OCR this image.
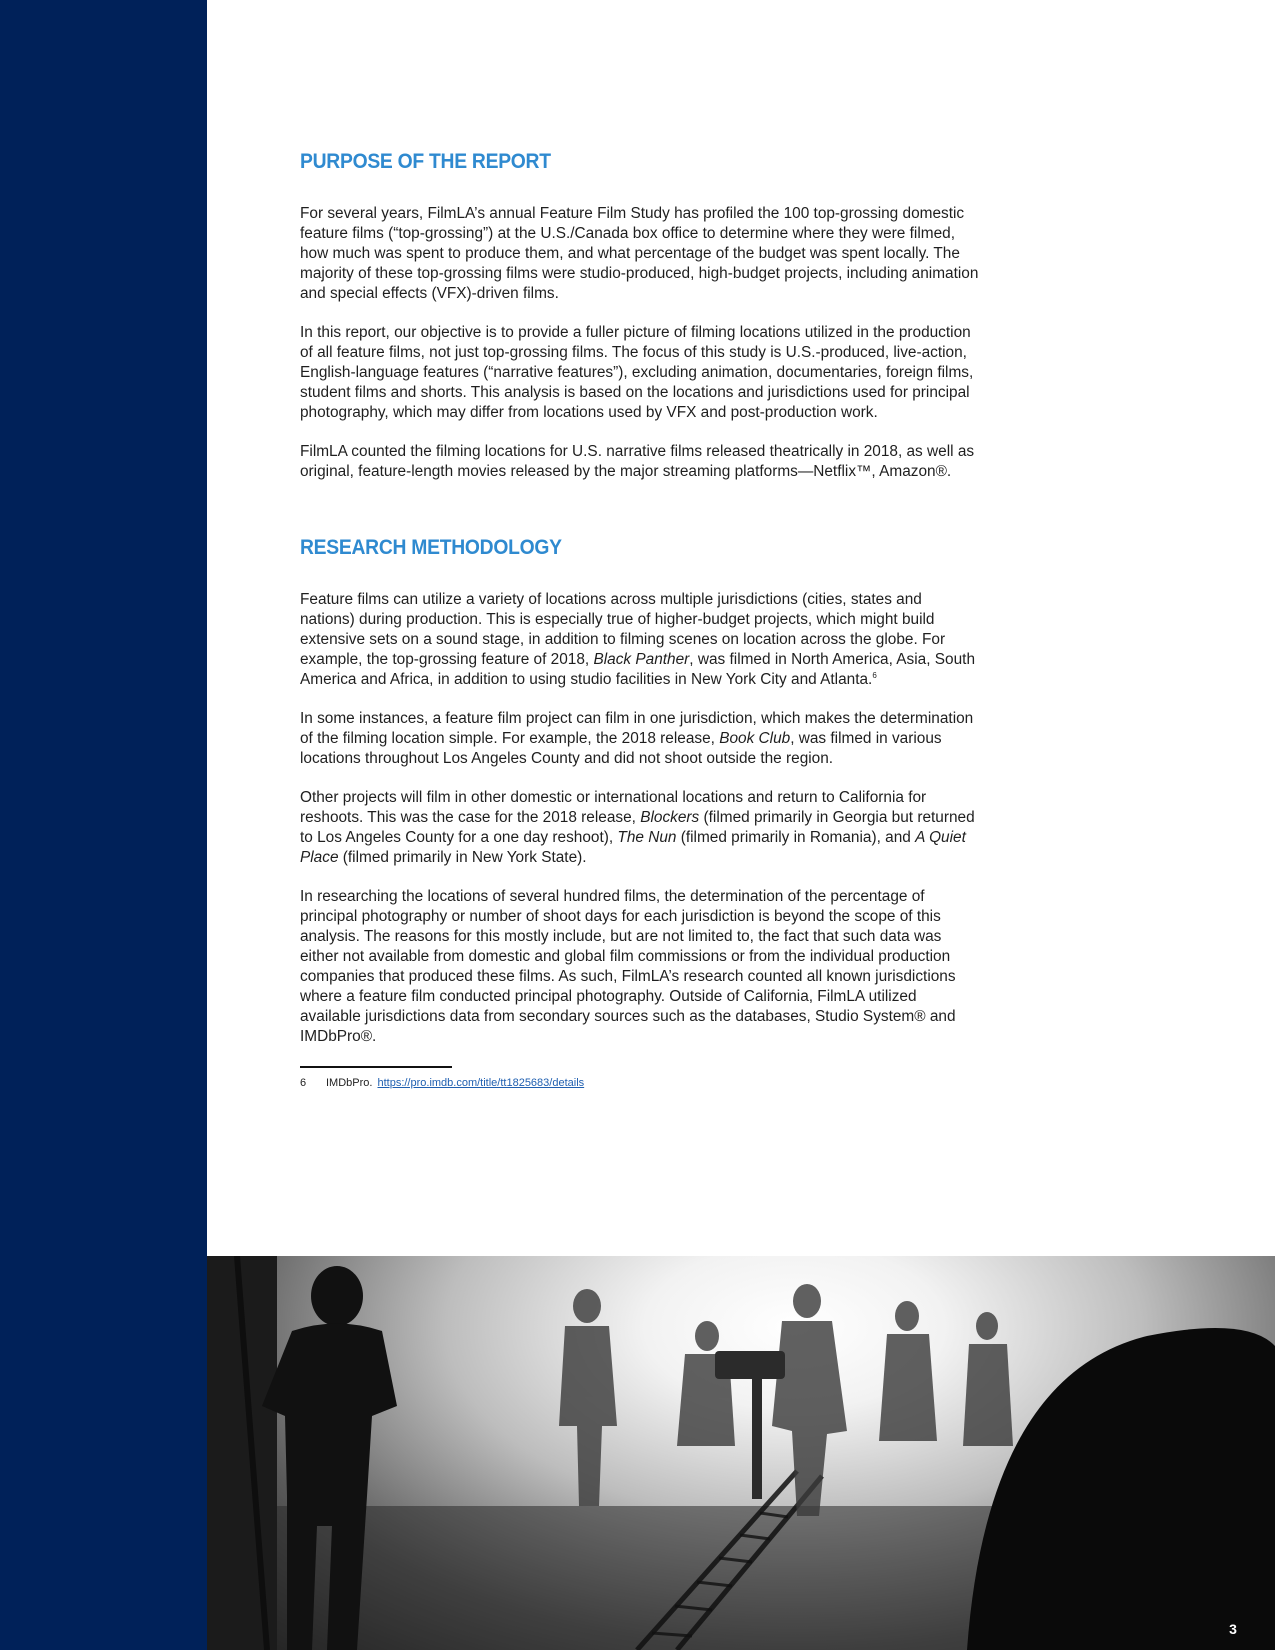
PURPOSE OF THE REPORT

For several years, FilmLA’s annual Feature Film Study has profiled the 100 top-grossing domestic feature films (“top-grossing”) at the U.S./Canada box office to determine where they were filmed, how much was spent to produce them, and what percentage of the budget was spent locally. The majority of these top-grossing films were studio-produced, high-budget projects, including animation and special effects (VFX)-driven films.

In this report, our objective is to provide a fuller picture of filming locations utilized in the production of all feature films, not just top-grossing films. The focus of this study is U.S.-produced, live-action, English-language features (“narrative features”), excluding animation, documentaries, foreign films, student films and shorts. This analysis is based on the locations and jurisdictions used for principal photography, which may differ from locations used by VFX and post-production work.

FilmLA counted the filming locations for U.S. narrative films released theatrically in 2018, as well as original, feature-length movies released by the major streaming platforms—Netflix™, Amazon®.

RESEARCH METHODOLOGY

Feature films can utilize a variety of locations across multiple jurisdictions (cities, states and nations) during production. This is especially true of higher-budget projects, which might build extensive sets on a sound stage, in addition to filming scenes on location across the globe. For example, the top-grossing feature of 2018, Black Panther, was filmed in North America, Asia, South America and Africa, in addition to using studio facilities in New York City and Atlanta.$^6$

In some instances, a feature film project can film in one jurisdiction, which makes the determination of the filming location simple. For example, the 2018 release, Book Club, was filmed in various locations throughout Los Angeles County and did not shoot outside the region.

Other projects will film in other domestic or international locations and return to California for reshoots. This was the case for the 2018 release, Blockers (filmed primarily in Georgia but returned to Los Angeles County for a one day reshoot), The Nun (filmed primarily in Romania), and A Quiet Place (filmed primarily in New York State).

In researching the locations of several hundred films, the determination of the percentage of principal photography or number of shoot days for each jurisdiction is beyond the scope of this analysis. The reasons for this mostly include, but are not limited to, the fact that such data was either not available from domestic and global film commissions or from the individual production companies that produced these films. As such, FilmLA’s research counted all known jurisdictions where a feature film conducted principal photography. Outside of California, FilmLA utilized available jurisdictions data from secondary sources such as the databases, Studio System® and IMDbPro®.

6 IMDbPro. https://pro.imdb.com/title/tt1825683/details
3
